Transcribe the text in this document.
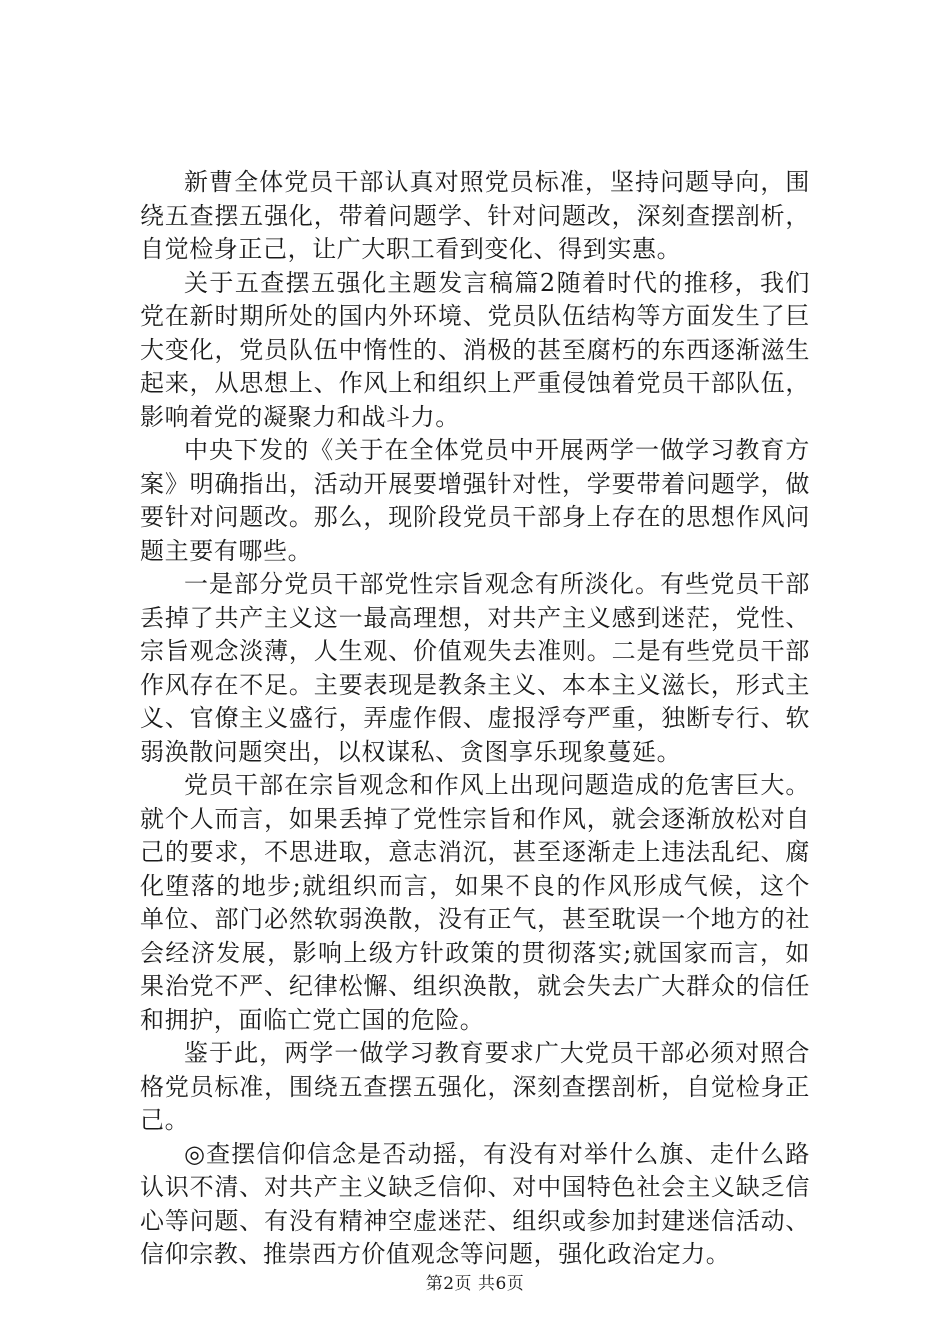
新曹全体党员干部认真对照党员标准，坚持问题导向，围绕五查摆五强化，带着问题学、针对问题改，深刻查摆剖析，自觉检身正己，让广大职工看到变化、得到实惠。

关于五查摆五强化主题发言稿篇2随着时代的推移，我们党在新时期所处的国内外环境、党员队伍结构等方面发生了巨大变化，党员队伍中惰性的、消极的甚至腐朽的东西逐渐滋生起来，从思想上、作风上和组织上严重侵蚀着党员干部队伍，影响着党的凝聚力和战斗力。

中央下发的《关于在全体党员中开展两学一做学习教育方案》明确指出，活动开展要增强针对性，学要带着问题学，做要针对问题改。那么，现阶段党员干部身上存在的思想作风问题主要有哪些。

一是部分党员干部党性宗旨观念有所淡化。有些党员干部丢掉了共产主义这一最高理想，对共产主义感到迷茫，党性、宗旨观念淡薄，人生观、价值观失去准则。二是有些党员干部作风存在不足。主要表现是教条主义、本本主义滋长，形式主义、官僚主义盛行，弄虚作假、虚报浮夸严重，独断专行、软弱涣散问题突出，以权谋私、贪图享乐现象蔓延。

党员干部在宗旨观念和作风上出现问题造成的危害巨大。就个人而言，如果丢掉了党性宗旨和作风，就会逐渐放松对自己的要求，不思进取，意志消沉，甚至逐渐走上违法乱纪、腐化堕落的地步;就组织而言，如果不良的作风形成气候，这个单位、部门必然软弱涣散，没有正气，甚至耽误一个地方的社会经济发展，影响上级方针政策的贯彻落实;就国家而言，如果治党不严、纪律松懈、组织涣散，就会失去广大群众的信任和拥护，面临亡党亡国的危险。

鉴于此，两学一做学习教育要求广大党员干部必须对照合格党员标准，围绕五查摆五强化，深刻查摆剖析，自觉检身正己。

◎查摆信仰信念是否动摇，有没有对举什么旗、走什么路认识不清、对共产主义缺乏信仰、对中国特色社会主义缺乏信心等问题、有没有精神空虚迷茫、组织或参加封建迷信活动、信仰宗教、推崇西方价值观念等问题，强化政治定力。

第2页 共6页
